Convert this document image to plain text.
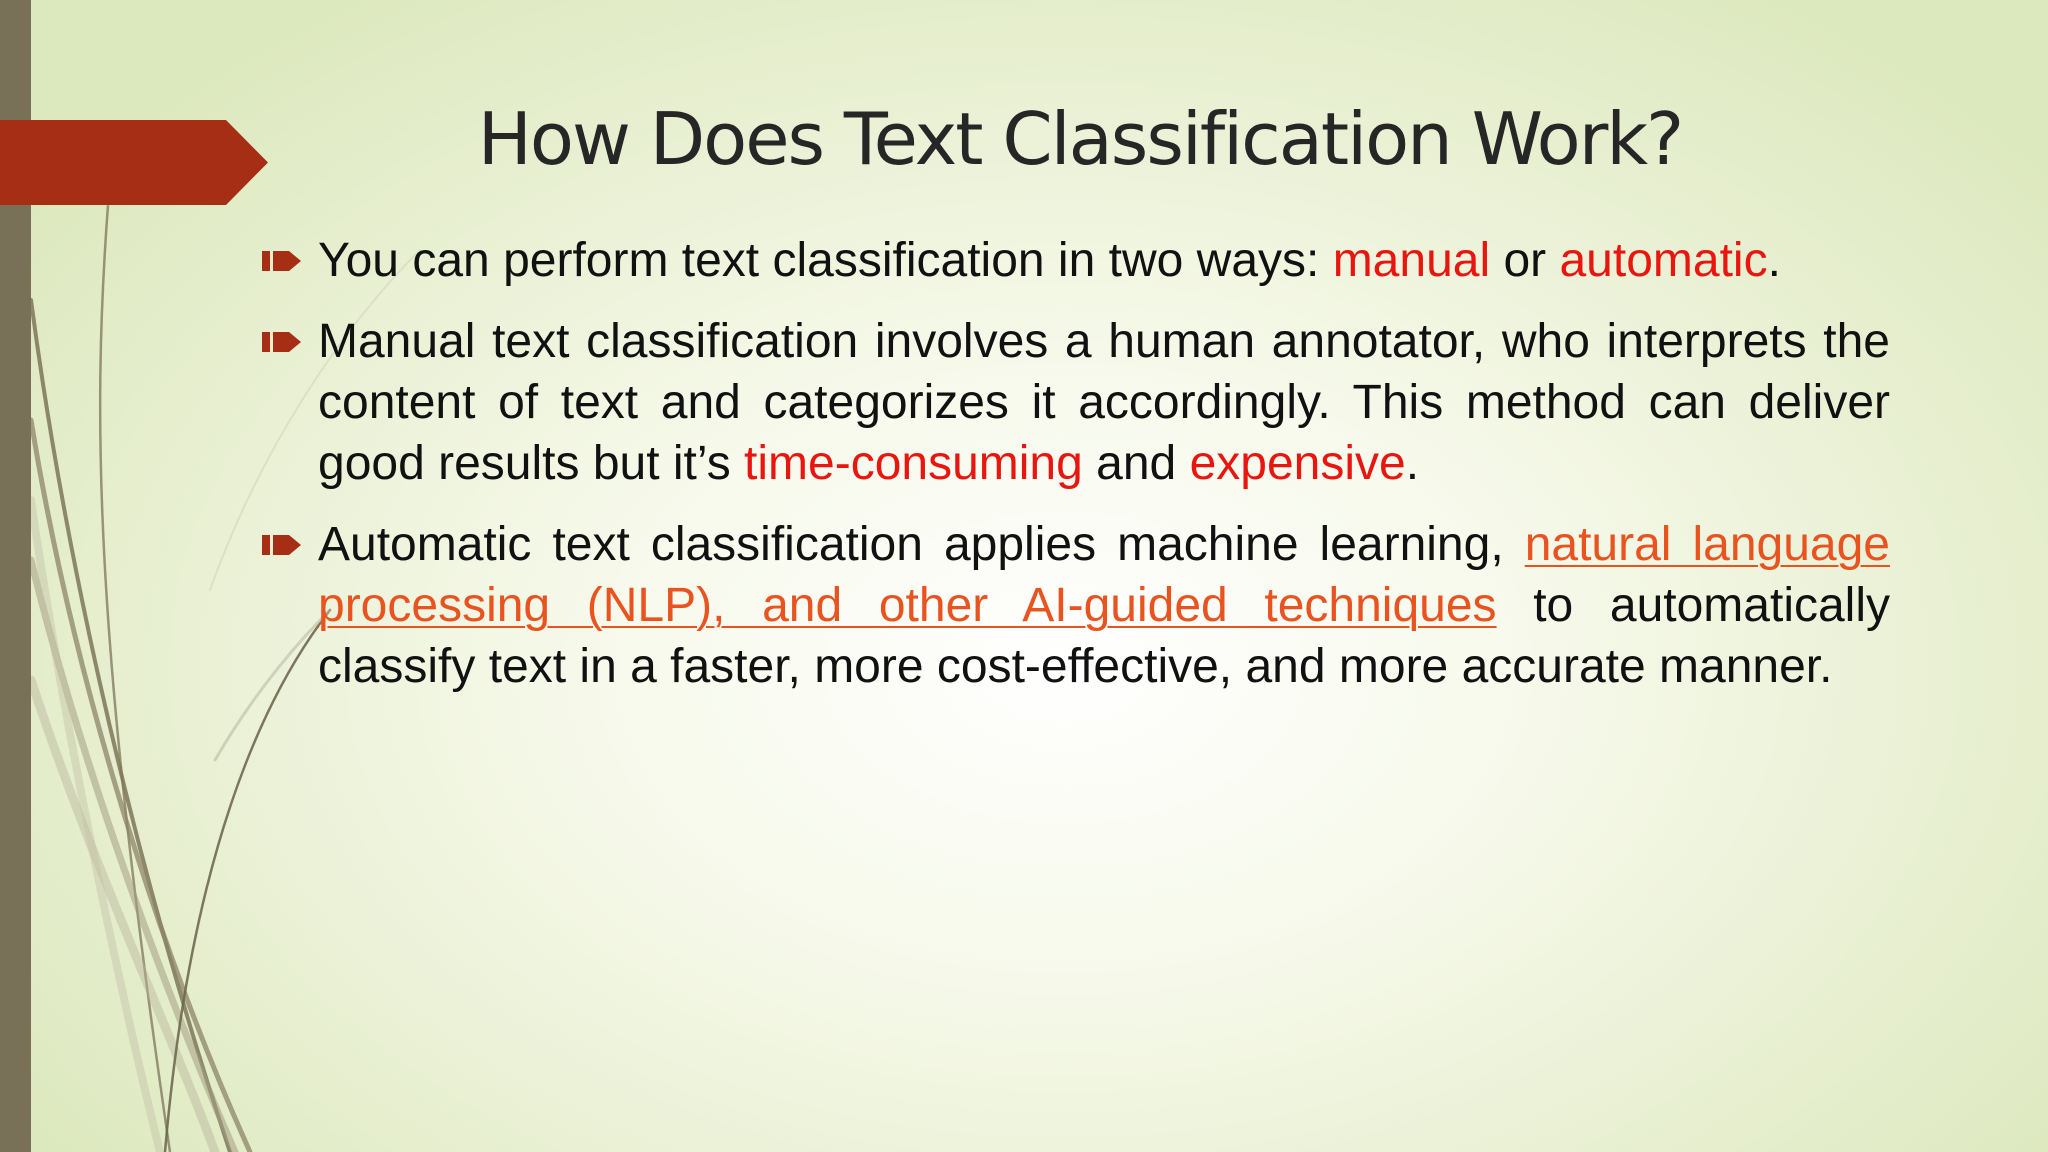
How Does Text Classification Work?
You can perform text classification in two ways: manual or automatic.
Manual text classification involves a human annotator, who interprets the content of text and categorizes it accordingly. This method can deliver good results but it’s time-consuming and expensive.
Automatic text classification applies machine learning, natural language processing (NLP), and other AI-guided techniques to automatically classify text in a faster, more cost-effective, and more accurate manner.
